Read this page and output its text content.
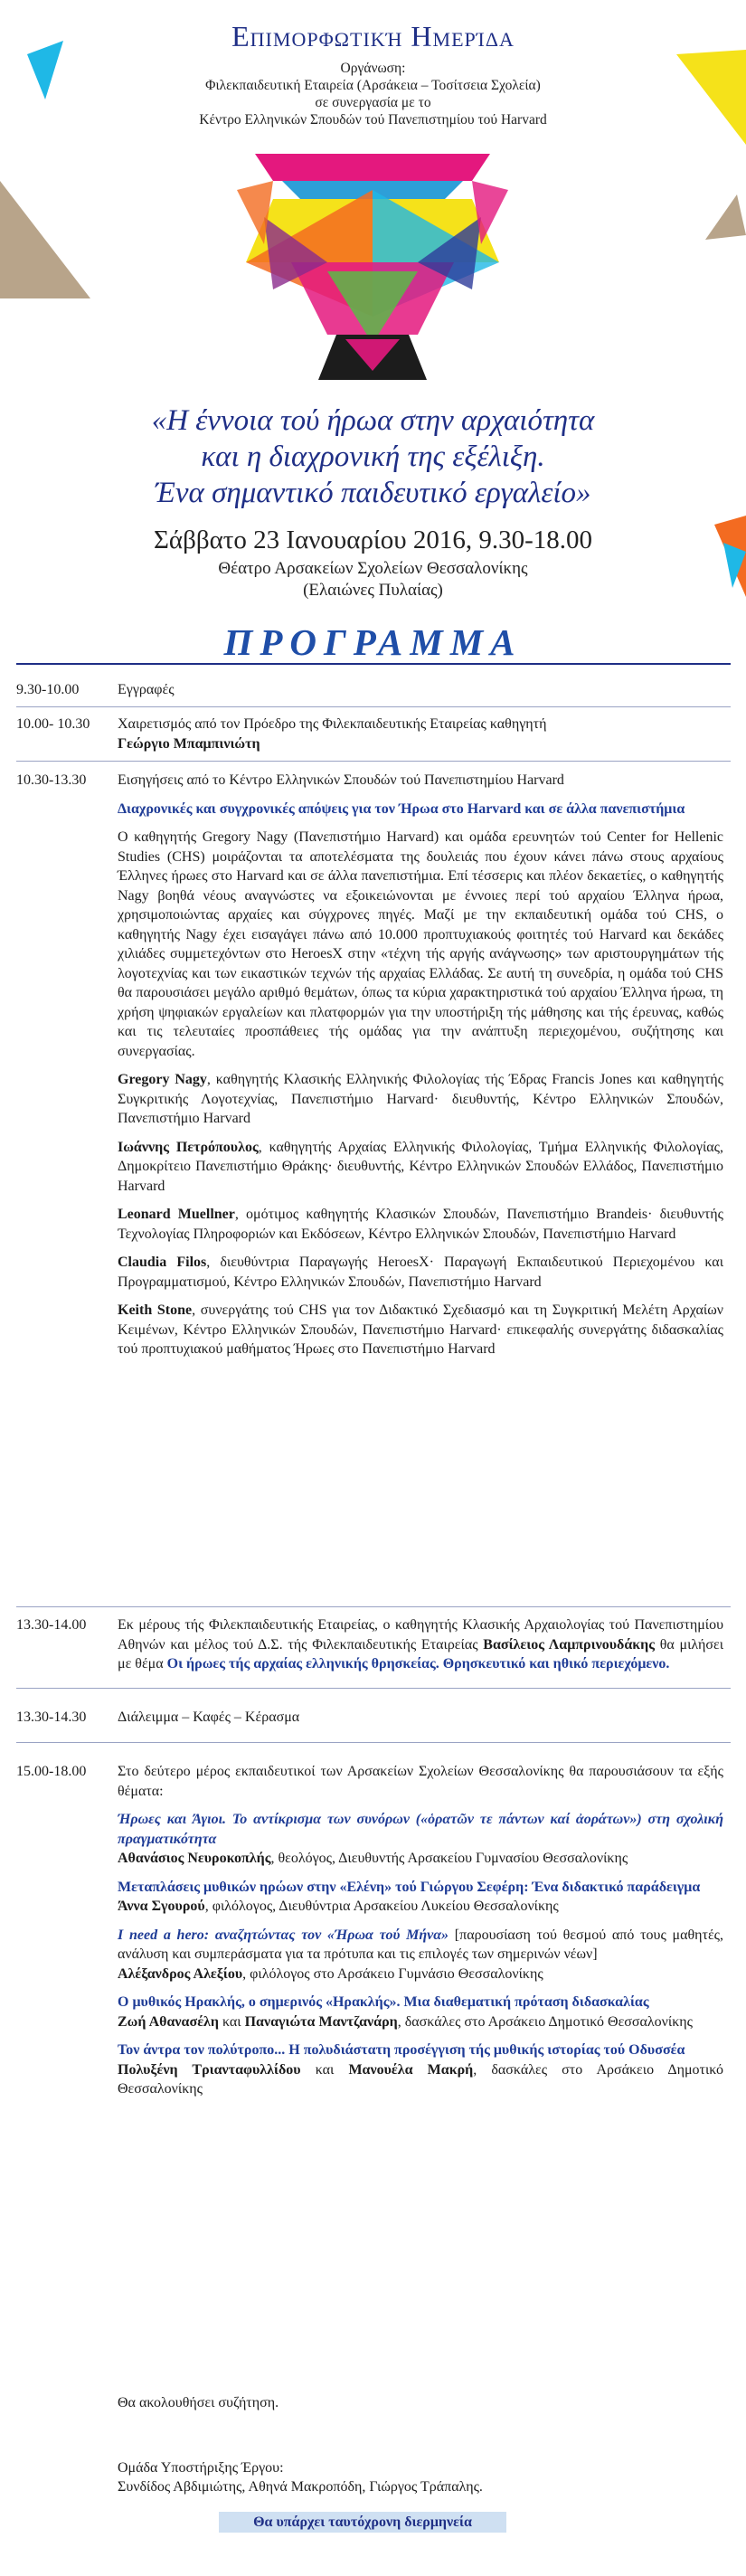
Επιμορφωτική Ημερίδα
Οργάνωση:
Φιλεκπαιδευτική Εταιρεία (Αρσάκεια – Τοσίτσεια Σχολεία)
σε συνεργασία με το
Κέντρο Ελληνικών Σπουδών τού Πανεπιστημίου τού Harvard
«Η έννοια τού ήρωα στην αρχαιότητα
και η διαχρονική της εξέλιξη.
Ένα σημαντικό παιδευτικό εργαλείο»
Σάββατο 23 Ιανουαρίου 2016, 9.30-18.00
Θέατρο Αρσακείων Σχολείων Θεσσαλονίκης
(Ελαιώνες Πυλαίας)
ΠΡΟΓΡΑΜΜΑ
9.30-10.00	Εγγραφές
10.00- 10.30	Χαιρετισμός από τον Πρόεδρο της Φιλεκπαιδευτικής Εταιρείας καθηγητή
Γεώργιο Μπαμπινιώτη
10.30-13.30	Εισηγήσεις από το Κέντρο Ελληνικών Σπουδών τού Πανεπιστημίου Harvard

Διαχρονικές και συγχρονικές απόψεις για τον Ήρωα στο Harvard και σε άλλα πανεπιστήμια

Ο καθηγητής Gregory Nagy (Πανεπιστήμιο Harvard) και ομάδα ερευνητών τού Center for Hellenic Studies (CHS) μοιράζονται τα αποτελέσματα της δουλειάς που έχουν κάνει πάνω στους αρχαίους Έλληνες ήρωες στο Harvard και σε άλλα πανεπιστήμια. Επί τέσσερις και πλέον δεκαετίες, ο καθηγητής Nagy βοηθά νέους αναγνώστες να εξοικειώνονται με έννοιες περί τού αρχαίου Έλληνα ήρωα, χρησιμοποιώντας αρχαίες και σύγχρονες πηγές. Μαζί με την εκπαιδευτική ομάδα τού CHS, ο καθηγητής Nagy έχει εισαγάγει πάνω από 10.000 προπτυχιακούς φοιτητές τού Harvard και δεκάδες χιλιάδες συμμετεχόντων στο HeroesX στην «τέχνη τής αργής ανάγνωσης» των αριστουργημάτων τής λογοτεχνίας και των εικαστικών τεχνών τής αρχαίας Ελλάδας. Σε αυτή τη συνεδρία, η ομάδα τού CHS θα παρουσιάσει μεγάλο αριθμό θεμάτων, όπως τα κύρια χαρακτηριστικά τού αρχαίου Έλληνα ήρωα, τη χρήση ψηφιακών εργαλείων και πλατφορμών για την υποστήριξη τής μάθησης και τής έρευνας, καθώς και τις τελευταίες προσπάθειες τής ομάδας για την ανάπτυξη περιεχομένου, συζήτησης και συνεργασίας.

Gregory Nagy, καθηγητής Κλασικής Ελληνικής Φιλολογίας τής Έδρας Francis Jones και καθηγητής Συγκριτικής Λογοτεχνίας, Πανεπιστήμιο Harvard· διευθυντής, Κέντρο Ελληνικών Σπουδών, Πανεπιστήμιο Harvard

Ιωάννης Πετρόπουλος, καθηγητής Αρχαίας Ελληνικής Φιλολογίας, Τμήμα Ελληνικής Φιλολογίας, Δημοκρίτειο Πανεπιστήμιο Θράκης· διευθυντής, Κέντρο Ελληνικών Σπουδών Ελλάδος, Πανεπιστήμιο Harvard

Leonard Muellner, ομότιμος καθηγητής Κλασικών Σπουδών, Πανεπιστήμιο Brandeis· διευθυντής Τεχνολογίας Πληροφοριών και Εκδόσεων, Κέντρο Ελληνικών Σπουδών, Πανεπιστήμιο Harvard

Claudia Filos, διευθύντρια Παραγωγής HeroesX· Παραγωγή Εκπαιδευτικού Περιεχομένου και Προγραμματισμού, Κέντρο Ελληνικών Σπουδών, Πανεπιστήμιο Harvard

Keith Stone, συνεργάτης τού CHS για τον Διδακτικό Σχεδιασμό και τη Συγκριτική Μελέτη Αρχαίων Κειμένων, Κέντρο Ελληνικών Σπουδών, Πανεπιστήμιο Harvard· επικεφαλής συνεργάτης διδασκαλίας τού προπτυχιακού μαθήματος Ήρωες στο Πανεπιστήμιο Harvard

13.30-14.00	Εκ μέρους τής Φιλεκπαιδευτικής Εταιρείας, ο καθηγητής Κλασικής Αρχαιολογίας τού Πανεπιστημίου Αθηνών και μέλος τού Δ.Σ. τής Φιλεκπαιδευτικής Εταιρείας Βασίλειος Λαμπρινουδάκης θα μιλήσει με θέμα Οι ήρωες τής αρχαίας ελληνικής θρησκείας. Θρησκευτικό και ηθικό περιεχόμενο.
13.30-14.30	Διάλειμμα – Καφές – Κέρασμα
15.00-18.00	Στο δεύτερο μέρος εκπαιδευτικοί των Αρσακείων Σχολείων Θεσσαλονίκης θα παρουσιάσουν τα εξής θέματα:

Ήρωες και Άγιοι. Το αντίκρισμα των συνόρων («ὁρατῶν τε πάντων καί ἀοράτων») στη σχολική πραγματικότητα

Αθανάσιος Νευροκοπλής, θεολόγος, Διευθυντής Αρσακείου Γυμνασίου Θεσσαλονίκης

Μεταπλάσεις μυθικών ηρώων στην «Ελένη» τού Γιώργου Σεφέρη: Ένα διδακτικό παράδειγμα

Άννα Σγουρού, φιλόλογος, Διευθύντρια Αρσακείου Λυκείου Θεσσαλονίκης

I need a hero: αναζητώντας τον «Ήρωα τού Μήνα» [παρουσίαση τού θεσμού από τους μαθητές, ανάλυση και συμπεράσματα για τα πρότυπα και τις επιλογές των σημερινών νέων]

Αλέξανδρος Αλεξίου, φιλόλογος στο Αρσάκειο Γυμνάσιο Θεσσαλονίκης

Ο μυθικός Ηρακλής, ο σημερινός «Ηρακλής». Μια διαθεματική πρόταση διδασκαλίας

Ζωή Αθανασέλη και Παναγιώτα Μαντζανάρη, δασκάλες στο Αρσάκειο Δημοτικό Θεσσαλονίκης

Τον άντρα τον πολύτροπο... Η πολυδιάστατη προσέγγιση τής μυθικής ιστορίας τού Οδυσσέα

Πολυξένη Τριανταφυλλίδου και Μανουέλα Μακρή, δασκάλες στο Αρσάκειο Δημοτικό Θεσσαλονίκης

Θα ακολουθήσει συζήτηση.
Ομάδα Υποστήριξης Έργου:
Συνδίδος Αβδιμιώτης, Αθηνά Μακροπόδη, Γιώργος Τράπαλης.
Θα υπάρχει ταυτόχρονη διερμηνεία
